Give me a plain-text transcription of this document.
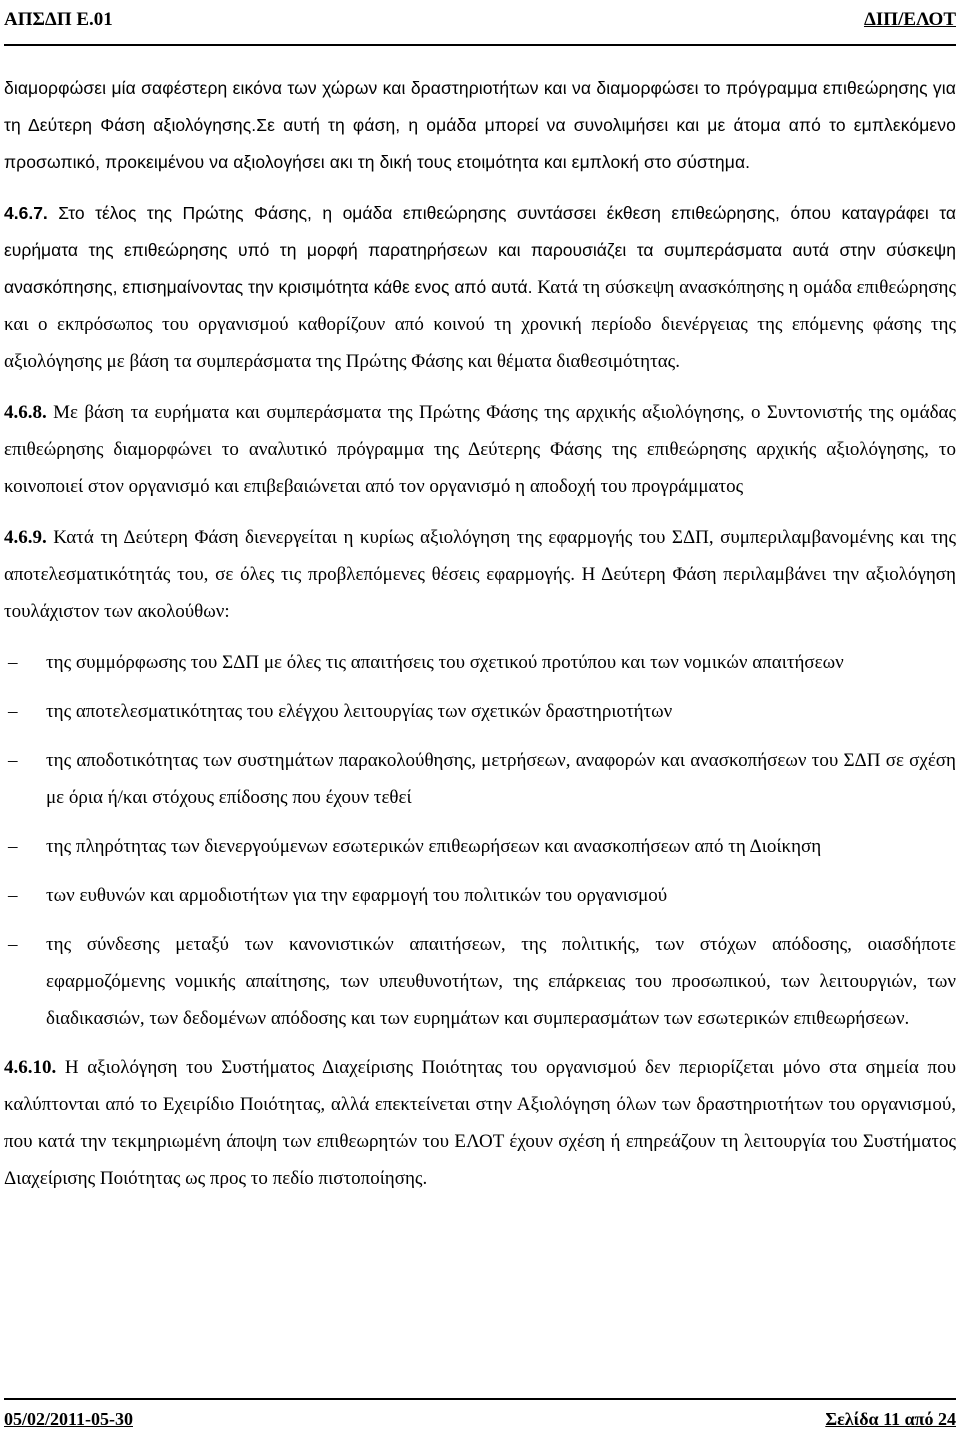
ΑΠΣΔΠ Ε.01	ΔΙΠ/ΕΛΟΤ

διαμορφώσει μία σαφέστερη εικόνα των χώρων και δραστηριοτήτων και να διαμορφώσει το πρόγραμμα επιθεώρησης για τη Δεύτερη Φάση αξιολόγησης.Σε αυτή τη φάση, η ομάδα μπορεί να συνολιμήσει και με άτομα από το εμπλεκόμενο προσωπικό, προκειμένου να αξιολογήσει ακι τη δική τους ετοιμότητα και εμπλοκή στο σύστημα.

4.6.7. Στο τέλος της Πρώτης Φάσης, η ομάδα επιθεώρησης συντάσσει έκθεση επιθεώρησης, όπου καταγράφει τα ευρήματα της επιθεώρησης υπό τη μορφή παρατηρήσεων και παρουσιάζει τα συμπεράσματα αυτά στην σύσκεψη ανασκόπησης, επισημαίνοντας την κρισιμότητα κάθε ενος από αυτά. Κατά τη σύσκεψη ανασκόπησης η ομάδα επιθεώρησης και ο εκπρόσωπος του οργανισμού καθορίζουν από κοινού τη χρονική περίοδο διενέργειας της επόμενης φάσης της αξιολόγησης με βάση τα συμπεράσματα της Πρώτης Φάσης και θέματα διαθεσιμότητας.

4.6.8. Με βάση τα ευρήματα και συμπεράσματα της Πρώτης Φάσης της αρχικής αξιολόγησης, ο Συντονιστής της ομάδας επιθεώρησης διαμορφώνει το αναλυτικό πρόγραμμα της Δεύτερης Φάσης της επιθεώρησης αρχικής αξιολόγησης, το κοινοποιεί στον οργανισμό και επιβεβαιώνεται από τον οργανισμό η αποδοχή του προγράμματος

4.6.9. Κατά τη Δεύτερη Φάση διενεργείται η κυρίως αξιολόγηση της εφαρμογής του ΣΔΠ, συμπεριλαμβανομένης και της αποτελεσματικότητάς του, σε όλες τις προβλεπόμενες θέσεις εφαρμογής. Η Δεύτερη Φάση περιλαμβάνει την αξιολόγηση τουλάχιστον των ακολούθων:

–	της συμμόρφωσης του ΣΔΠ με όλες τις απαιτήσεις του σχετικού προτύπου και των νομικών απαιτήσεων
–	της αποτελεσματικότητας του ελέγχου λειτουργίας των σχετικών δραστηριοτήτων
–	της αποδοτικότητας των συστημάτων παρακολούθησης, μετρήσεων, αναφορών και ανασκοπήσεων του ΣΔΠ σε σχέση με όρια ή/και στόχους επίδοσης που έχουν τεθεί
–	της πληρότητας των διενεργούμενων εσωτερικών επιθεωρήσεων και ανασκοπήσεων από τη Διοίκηση
–	των ευθυνών και αρμοδιοτήτων για την εφαρμογή του πολιτικών του οργανισμού
–	της σύνδεσης μεταξύ των κανονιστικών απαιτήσεων, της πολιτικής, των στόχων απόδοσης, οιασδήποτε εφαρμοζόμενης νομικής απαίτησης, των υπευθυνοτήτων, της επάρκειας του προσωπικού, των λειτουργιών, των διαδικασιών, των δεδομένων απόδοσης και των ευρημάτων και συμπερασμάτων των εσωτερικών επιθεωρήσεων.

4.6.10. Η αξιολόγηση του Συστήματος Διαχείρισης Ποιότητας του οργανισμού δεν περιορίζεται μόνο στα σημεία που καλύπτονται από το Εχειρίδιο Ποιότητας, αλλά επεκτείνεται στην Αξιολόγηση όλων των δραστηριοτήτων του οργανισμού, που κατά την τεκμηριωμένη άποψη των επιθεωρητών του ΕΛΟΤ έχουν σχέση ή επηρεάζουν τη λειτουργία του Συστήματος Διαχείρισης Ποιότητας ως προς το πεδίο πιστοποίησης.

05/02/2011-05-30	Σελίδα 11 από 24
